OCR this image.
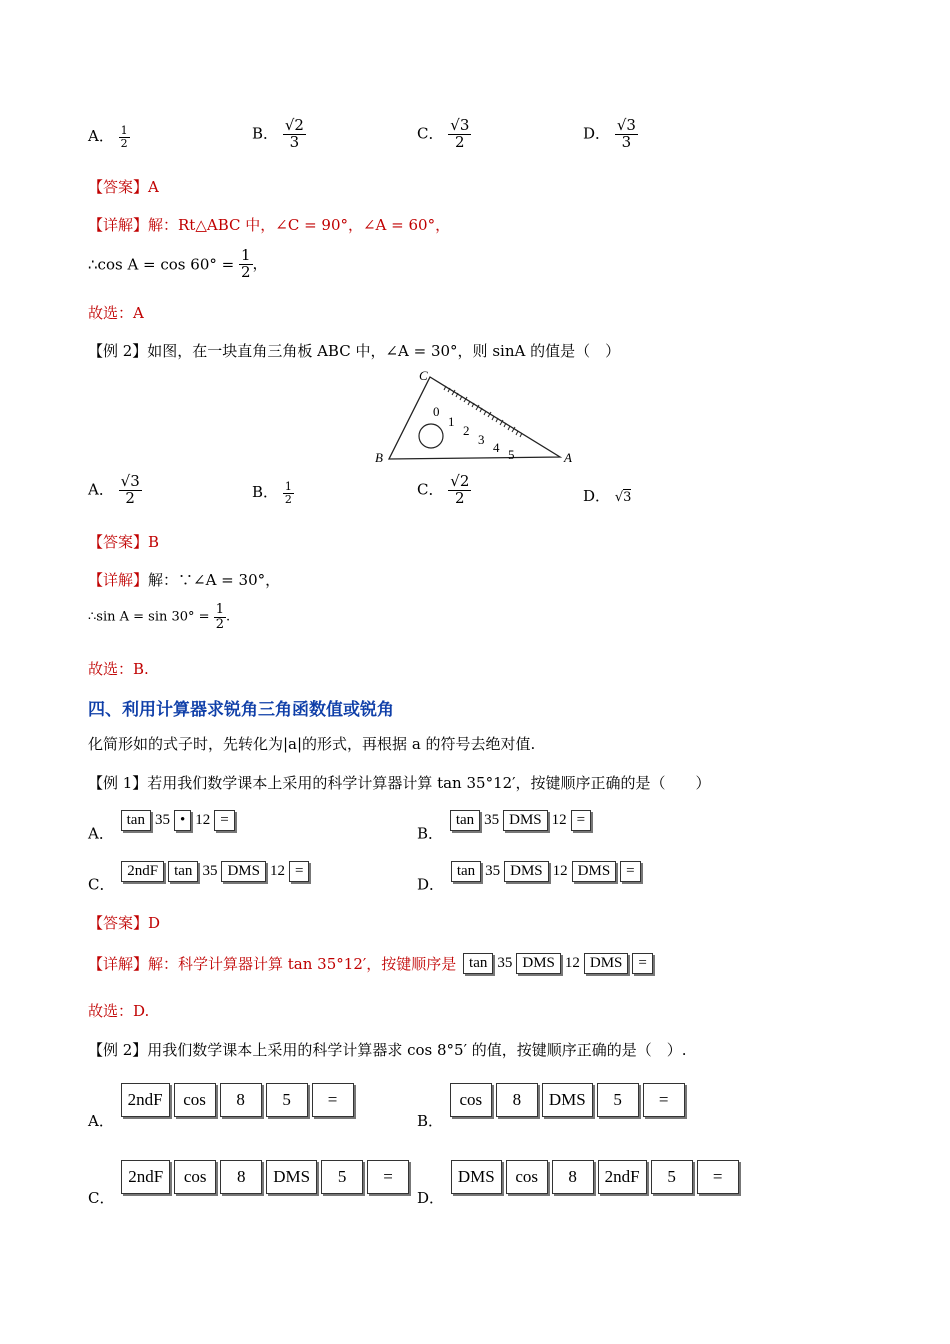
A． $\frac{1}{2}$	B． $\frac{√2}{3}$	C． $\frac{√3}{2}$	D． $\frac{√3}{3}$
【答案】A
【详解】解：Rt△ABC 中，∠C = 90°，∠A = 60°，
∴cos $A = \cos 60^\circ = \frac{1}{2}$ ，
故选：A
【例 2】如图，在一块直角三角板 ABC 中，∠A = 30°，则 sinA 的值是（　）
C
B	A
0
1
2
3
4 5
A． $\frac{√3}{2}$	B． $\frac{1}{2}$	C． $\frac{√2}{2}$	D． √3
【答案】B
【详解】解：∵∠A = 30°，
∴sin $A = \sin 30^\circ = \frac{1}{2}$ .
故选：B.
四、利用计算器求锐角三角函数值或锐角
化简形如的式子时，先转化为|a|的形式，再根据 a 的符号去绝对值.
【例 1】若用我们数学课本上采用的科学计算器计算 tan 35°12′，按键顺序正确的是（　　）
A． tan 35 • 12 =
B． tan 35 DMS 12 =
C． 2ndF tan 35 DMS 12 =
D． tan 35 DMS 12 DMS =
【答案】D
【详解】解：科学计算器计算 tan 35°12′，按键顺序是 tan 35 DMS 12 DMS =
故选：D.
【例 2】用我们数学课本上采用的科学计算器求 cos 8°5′ 的值，按键顺序正确的是（　）.
A． 2ndF cos 8 5 =
B． cos 8 DMS 5 =
C． 2ndF cos 8 DMS 5 =
D． DMS cos 8 2ndF 5 =
